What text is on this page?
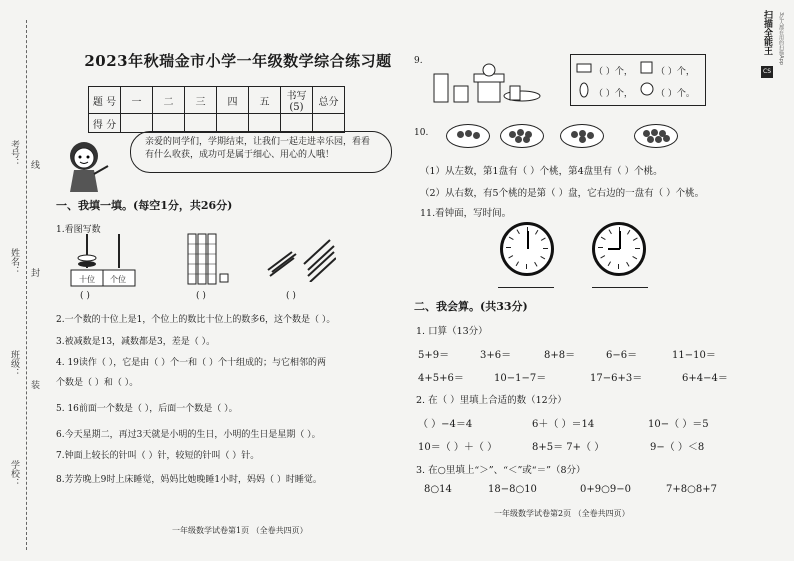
考号： 线
姓名： 封
班级：
装
学校：
扫描全能王	3亿人都在用的扫描App
CS
2023年秋瑞金市小学一年级数学综合练习题
题 号	一	二	三	四	五	书写 (5)	总分
得 分							
亲爱的同学们，学期结束，让我们一起走进幸乐园，看看有什么收获，成功可是属于细心、用心的人哦！
一、我填一填。(每空1分，共26分)
1.看图写数
十位 个位
( )	( )	( )
2.一个数的十位上是1，个位上的数比十位上的数多6，这个数是（ ）。
3.被减数是13，减数都是3，差是（ ）。
4. 19读作（ ），它是由（ ）个一和（ ）个十组成的；与它相邻的两
个数是（ ）和（ ）。
5. 16前面一个数是（ ），后面一个数是（ ）。
6.今天星期二，再过3天就是小明的生日，小明的生日是星期（ ）。
7.钟面上较长的针叫（ ）针，较短的针叫（ ）针。
8.芳芳晚上9时上床睡觉，妈妈比她晚睡1小时，妈妈（ ）时睡觉。
一年级数学试卷第1页 （全卷共四页）
9.
（ ）个，	（ ）个，
（ ）个，	（ ）个。
10.
（1）从左数，第1盘有（ ）个桃，第4盘里有（ ）个桃。
（2）从右数，有5个桃的是第（ ）盘，它右边的一盘有（ ）个桃。
11.看钟面，写时间。
二、我会算。(共33分)
1. 口算（13分）
5+9＝	3+6＝	8+8＝	6−6＝	11−10＝
4+5+6＝	10−1−7＝	17−6+3＝	6+4−4＝
2. 在（ ）里填上合适的数（12分）
（ ）−4＝4	6＋（ ）＝14	10−（ ）＝5
10＝（ ）＋（ ）	8+5＝ 7+（ ）	9−（ ）＜8
3. 在○里填上“＞”、“＜”或“＝”（8分）
8○14	18−8○10	0+9○9−0	7+8○8+7
一年级数学试卷第2页 （全卷共四页）
